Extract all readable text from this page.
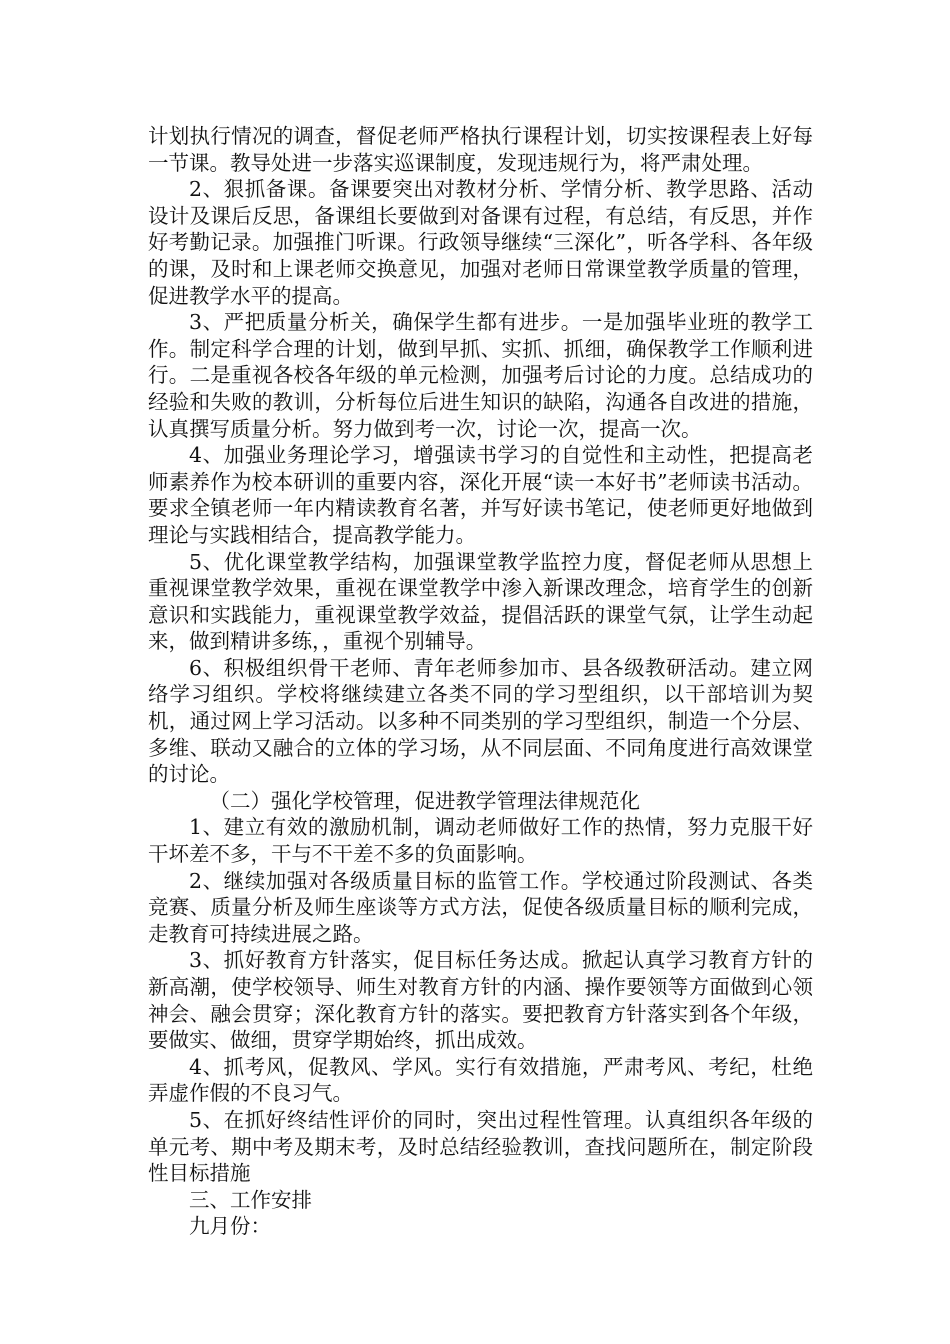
计划执行情况的调查，督促老师严格执行课程计划，切实按课程表上好每一节课。教导处进一步落实巡课制度，发现违规行为，将严肃处理。

2、狠抓备课。备课要突出对教材分析、学情分析、教学思路、活动设计及课后反思，备课组长要做到对备课有过程，有总结，有反思，并作好考勤记录。加强推门听课。行政领导继续“三深化”，听各学科、各年级的课，及时和上课老师交换意见，加强对老师日常课堂教学质量的管理，促进教学水平的提高。

3、严把质量分析关，确保学生都有进步。一是加强毕业班的教学工作。制定科学合理的计划，做到早抓、实抓、抓细，确保教学工作顺利进行。二是重视各校各年级的单元检测，加强考后讨论的力度。总结成功的经验和失败的教训，分析每位后进生知识的缺陷，沟通各自改进的措施，认真撰写质量分析。努力做到考一次，讨论一次，提高一次。

4、加强业务理论学习，增强读书学习的自觉性和主动性，把提高老师素养作为校本研训的重要内容，深化开展“读一本好书”老师读书活动。要求全镇老师一年内精读教育名著，并写好读书笔记，使老师更好地做到理论与实践相结合，提高教学能力。

5、优化课堂教学结构，加强课堂教学监控力度，督促老师从思想上重视课堂教学效果，重视在课堂教学中渗入新课改理念，培育学生的创新意识和实践能力，重视课堂教学效益，提倡活跃的课堂气氛，让学生动起来，做到精讲多练，，重视个别辅导。

6、积极组织骨干老师、青年老师参加市、县各级教研活动。建立网络学习组织。学校将继续建立各类不同的学习型组织，以干部培训为契机，通过网上学习活动。以多种不同类别的学习型组织，制造一个分层、多维、联动又融合的立体的学习场，从不同层面、不同角度进行高效课堂的讨论。

（二）强化学校管理，促进教学管理法律规范化

1、建立有效的激励机制，调动老师做好工作的热情，努力克服干好干坏差不多，干与不干差不多的负面影响。

2、继续加强对各级质量目标的监管工作。学校通过阶段测试、各类竞赛、质量分析及师生座谈等方式方法，促使各级质量目标的顺利完成，走教育可持续进展之路。

3、抓好教育方针落实，促目标任务达成。掀起认真学习教育方针的新高潮，使学校领导、师生对教育方针的内涵、操作要领等方面做到心领神会、融会贯穿；深化教育方针的落实。要把教育方针落实到各个年级，要做实、做细，贯穿学期始终，抓出成效。

4、抓考风，促教风、学风。实行有效措施，严肃考风、考纪，杜绝弄虚作假的不良习气。

5、在抓好终结性评价的同时，突出过程性管理。认真组织各年级的单元考、期中考及期末考，及时总结经验教训，查找问题所在，制定阶段性目标措施

三、工作安排

九月份：
